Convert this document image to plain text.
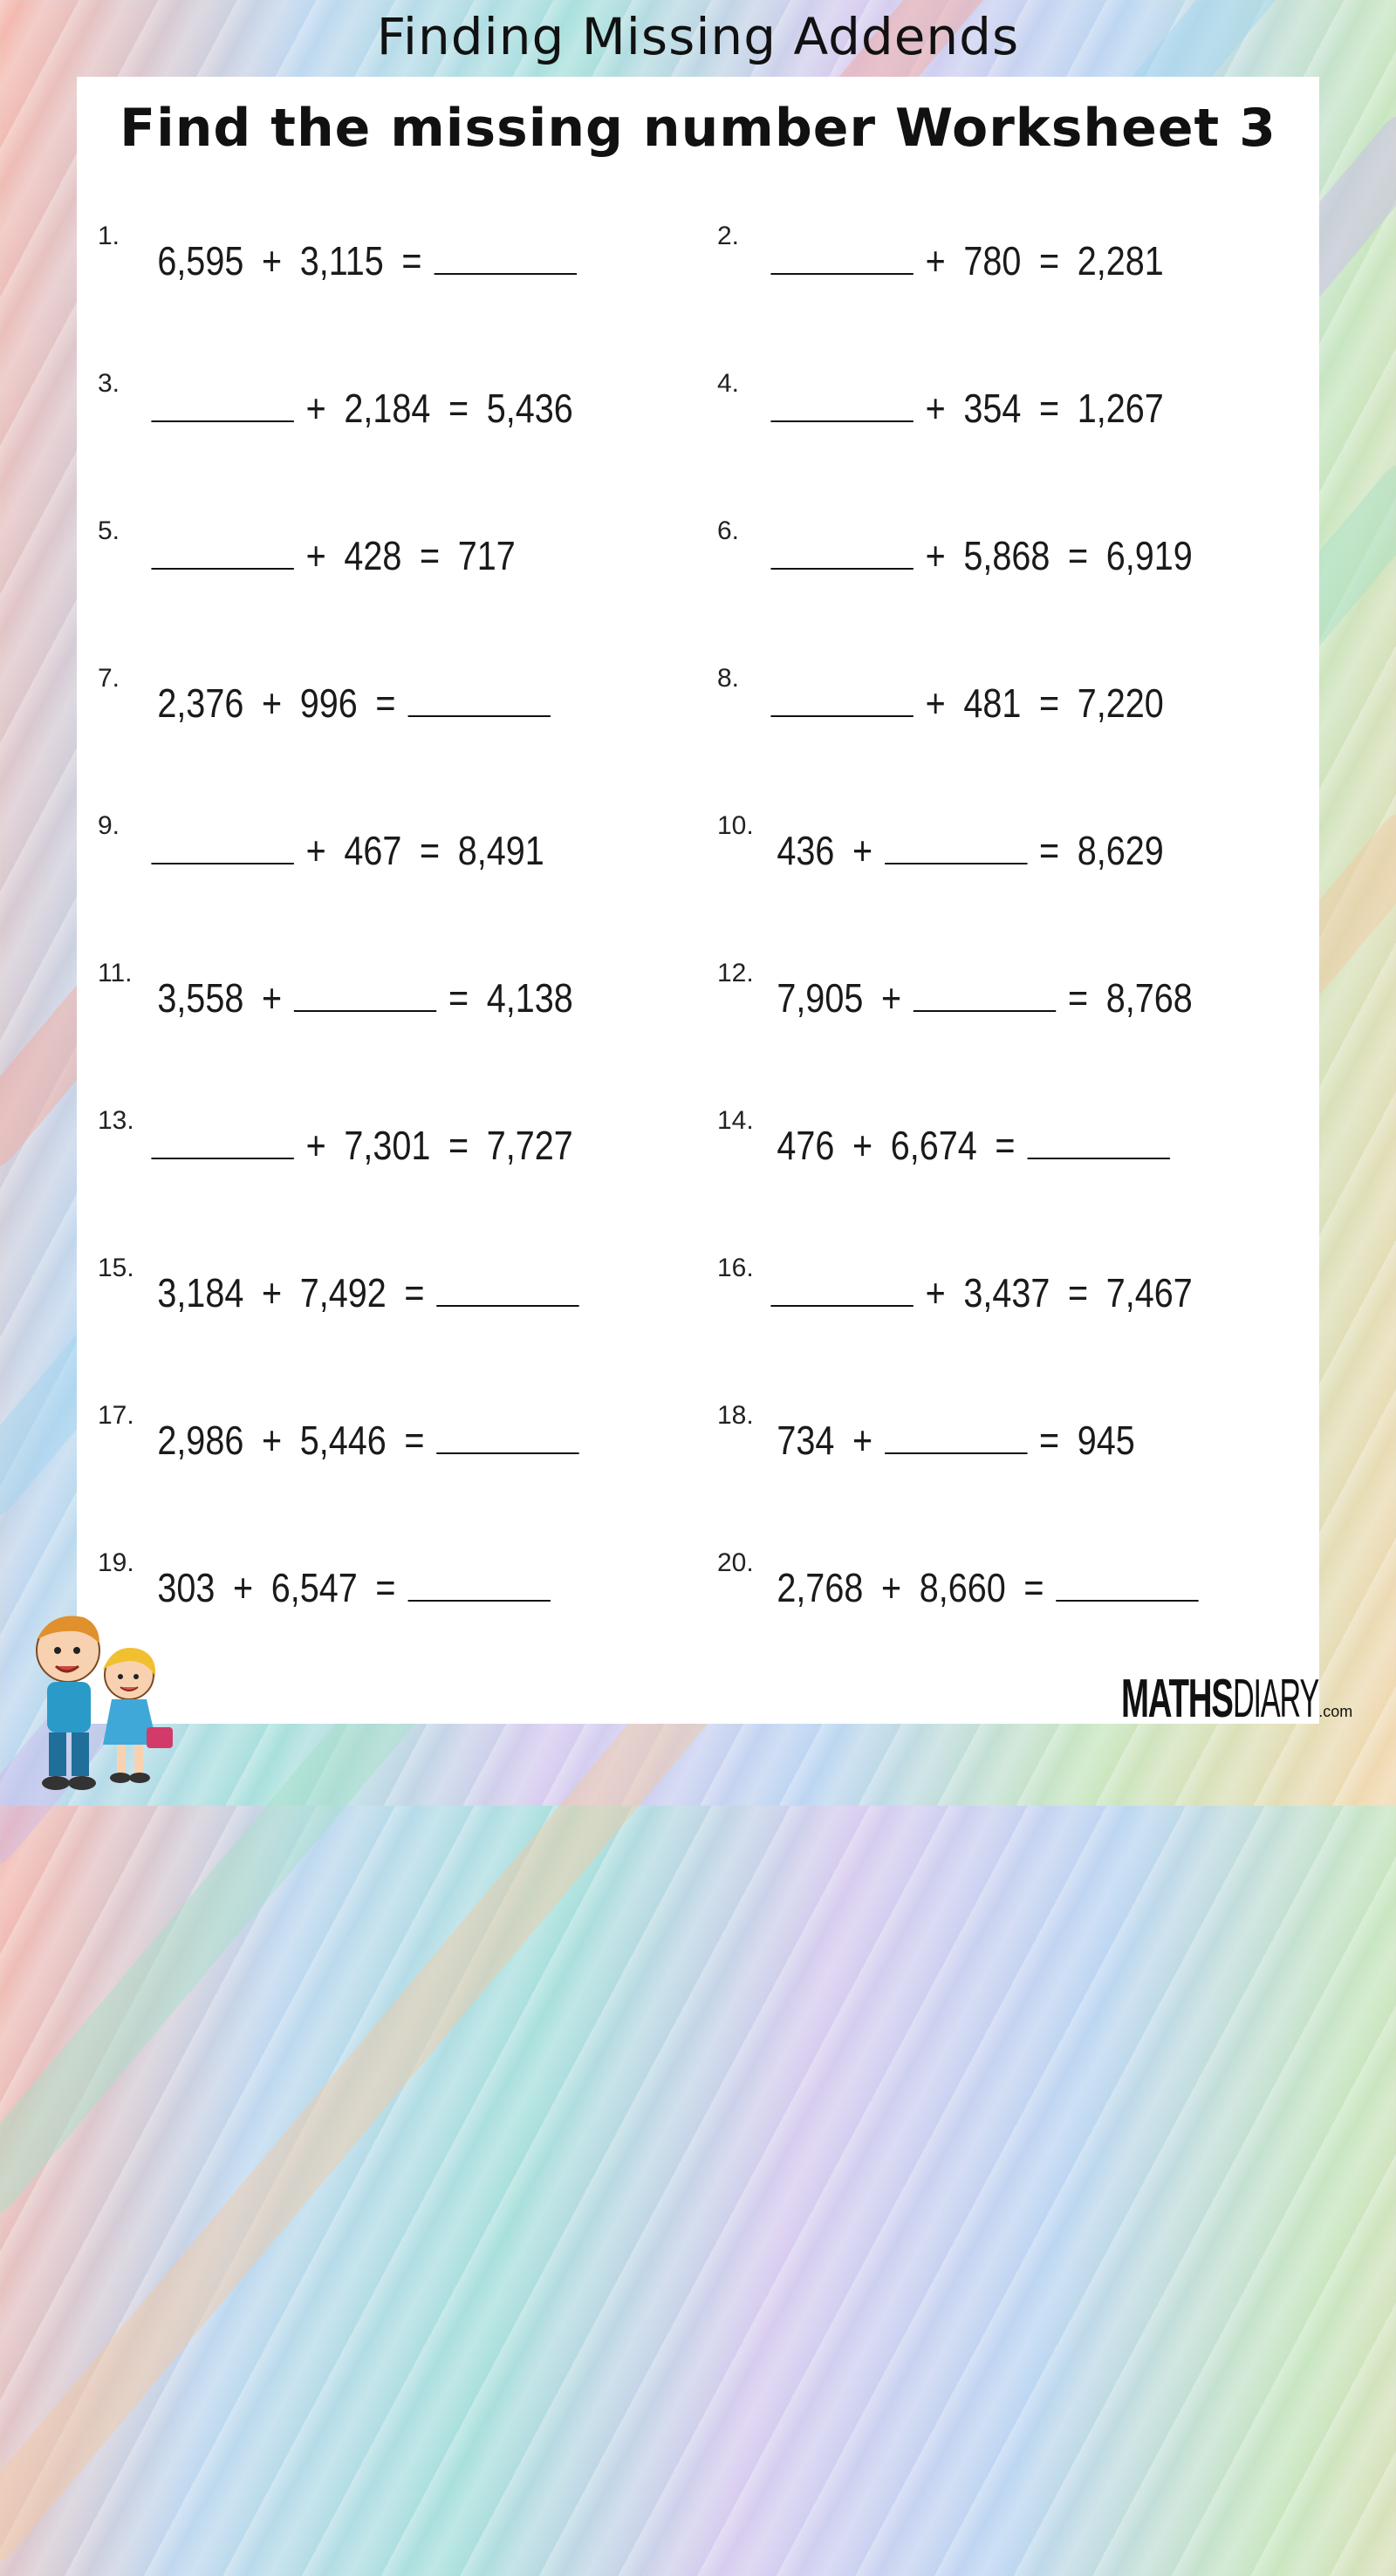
Finding Missing Addends
Find the missing number Worksheet 3
1.
6,595 + 3,115 =
2.
+ 780 = 2,281
3.
+ 2,184 = 5,436
4.
+ 354 = 1,267
5.
+ 428 = 717
6.
+ 5,868 = 6,919
7.
2,376 + 996 =
8.
+ 481 = 7,220
9.
+ 467 = 8,491
10.
436 +	= 8,629
11.
3,558 +	= 4,138
12.
7,905 +	= 8,768
13.
+ 7,301 = 7,727
14.
476 + 6,674 =
15.
3,184 + 7,492 =
16.
+ 3,437 = 7,467
17.
2,986 + 5,446 =
18.
734 +	= 945
19.
303 + 6,547 =
20.
2,768 + 8,660 =
MATHSDIARY.com
